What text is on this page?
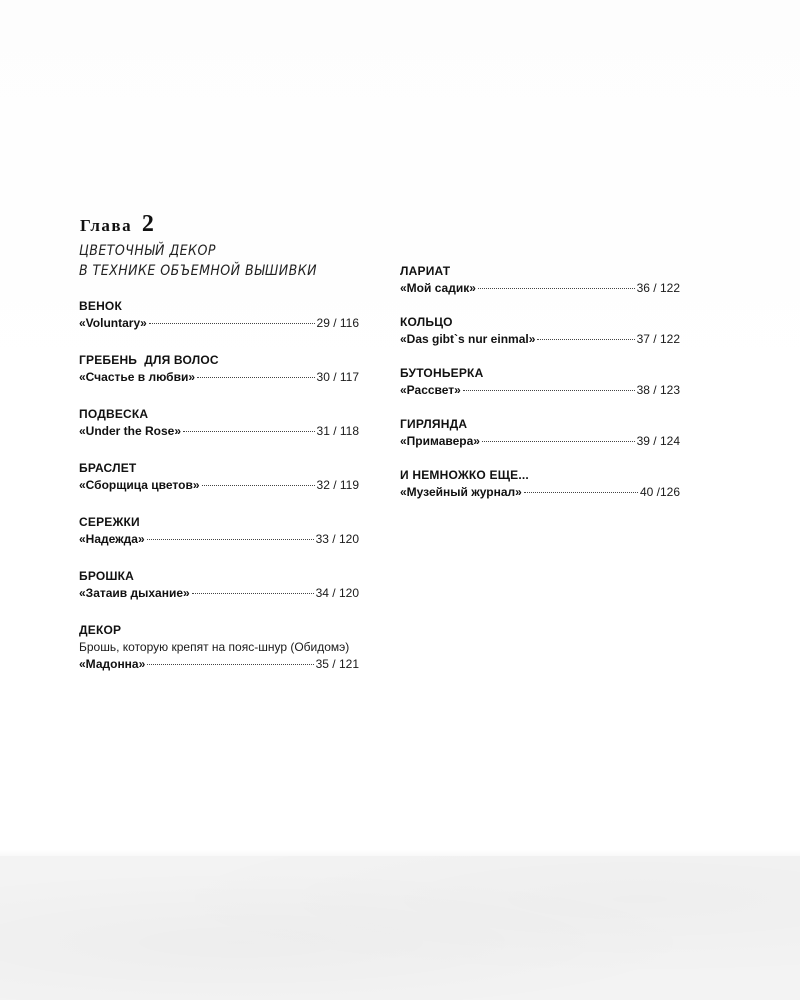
Глава 2
ЦВЕТОЧНЫЙ ДЕКОР
В ТЕХНИКЕ ОБЪЕМНОЙ ВЫШИВКИ
ВЕНОК
«Voluntary»	29 / 116
ГРЕБЕНЬ  ДЛЯ ВОЛОС
«Счастье в любви»	30 / 117
ПОДВЕСКА
«Under the Rose»	31 / 118
БРАСЛЕТ
«Сборщица цветов»	32 / 119
СЕРЕЖКИ
«Надежда»	33 / 120
БРОШКА
«Затаив дыхание»	34 / 120
ДЕКОР
Брошь, которую крепят на пояс-шнур (Обидомэ)
«Мадонна»	35 / 121
ЛАРИАТ
«Мой садик»	36 / 122
КОЛЬЦО
«Das gibt`s nur einmal»	37 / 122
БУТОНЬЕРКА
«Рассвет»	38 / 123
ГИРЛЯНДА
«Примавера»	39 / 124
И НЕМНОЖКО ЕЩЕ...
«Музейный журнал»	40 /126
